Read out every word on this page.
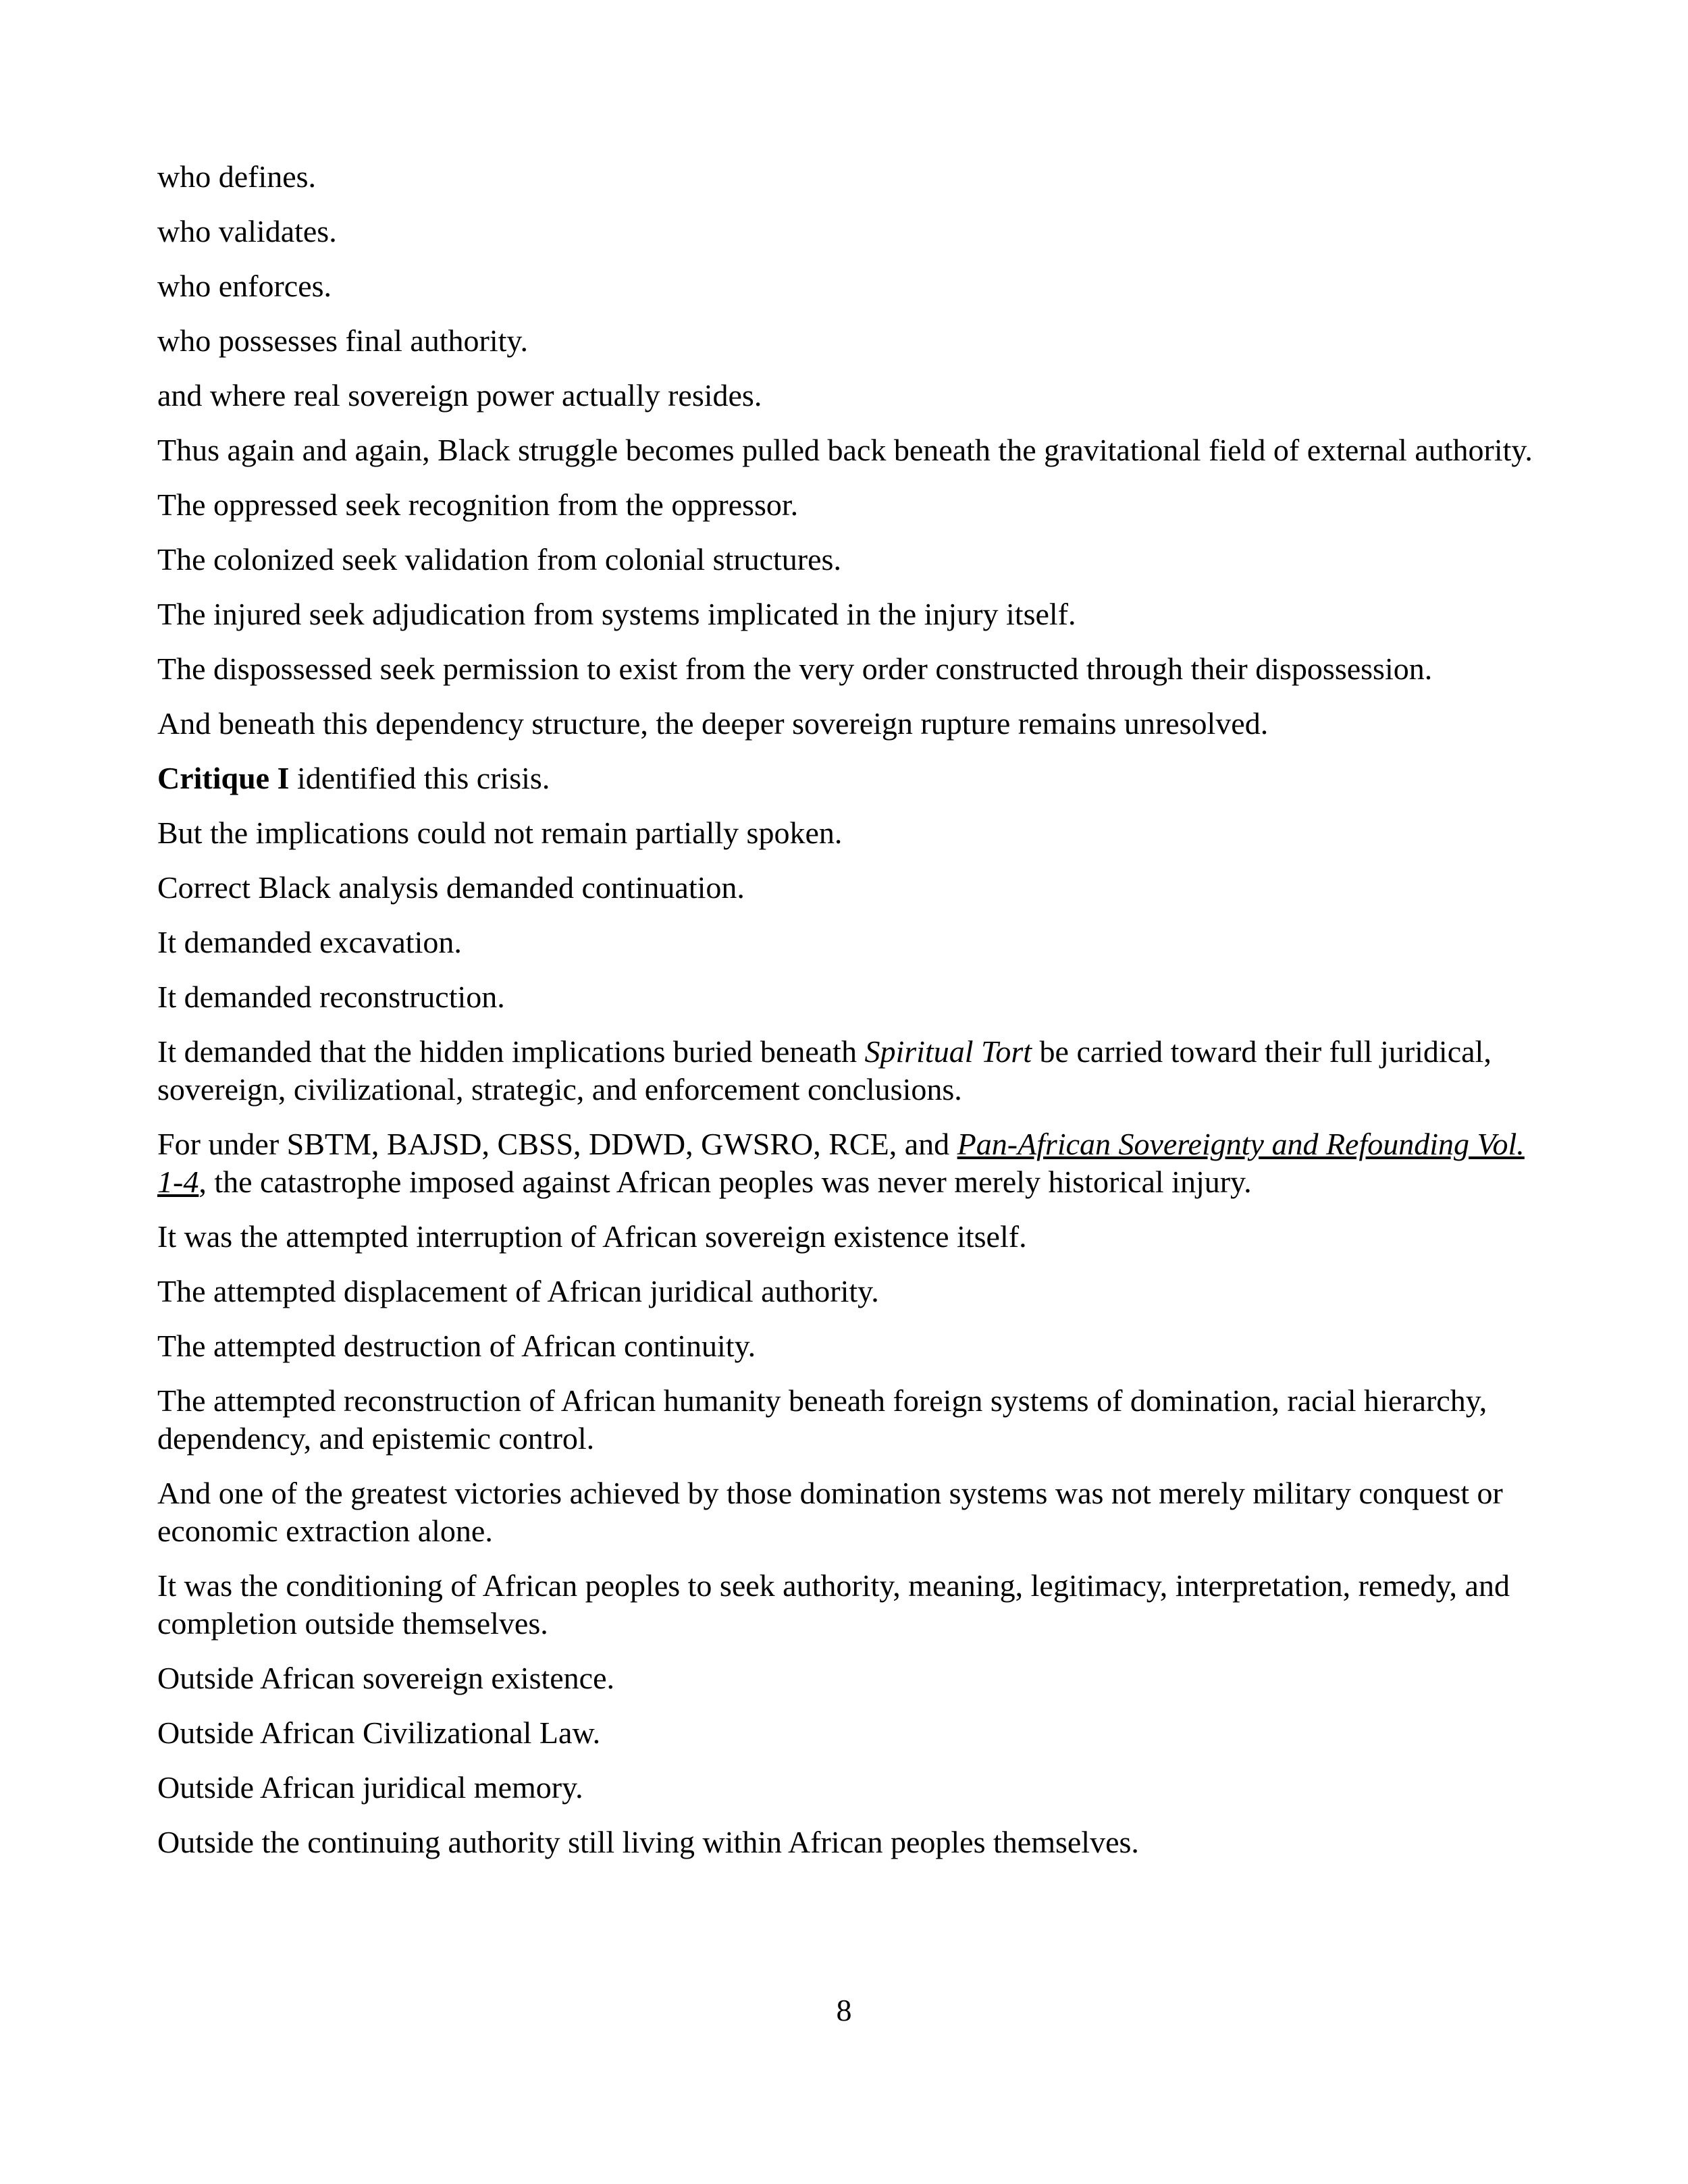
who defines.

who validates.

who enforces.

who possesses final authority.

and where real sovereign power actually resides.

Thus again and again, Black struggle becomes pulled back beneath the gravitational field of external authority.

The oppressed seek recognition from the oppressor.

The colonized seek validation from colonial structures.

The injured seek adjudication from systems implicated in the injury itself.

The dispossessed seek permission to exist from the very order constructed through their dispossession.

And beneath this dependency structure, the deeper sovereign rupture remains unresolved.

Critique I identified this crisis.

But the implications could not remain partially spoken.

Correct Black analysis demanded continuation.

It demanded excavation.

It demanded reconstruction.

It demanded that the hidden implications buried beneath Spiritual Tort be carried toward their full juridical, sovereign, civilizational, strategic, and enforcement conclusions.

For under SBTM, BAJSD, CBSS, DDWD, GWSRO, RCE, and Pan-African Sovereignty and Refounding Vol. 1-4, the catastrophe imposed against African peoples was never merely historical injury.

It was the attempted interruption of African sovereign existence itself.

The attempted displacement of African juridical authority.

The attempted destruction of African continuity.

The attempted reconstruction of African humanity beneath foreign systems of domination, racial hierarchy, dependency, and epistemic control.

And one of the greatest victories achieved by those domination systems was not merely military conquest or economic extraction alone.

It was the conditioning of African peoples to seek authority, meaning, legitimacy, interpretation, remedy, and completion outside themselves.

Outside African sovereign existence.

Outside African Civilizational Law.

Outside African juridical memory.

Outside the continuing authority still living within African peoples themselves.

8
